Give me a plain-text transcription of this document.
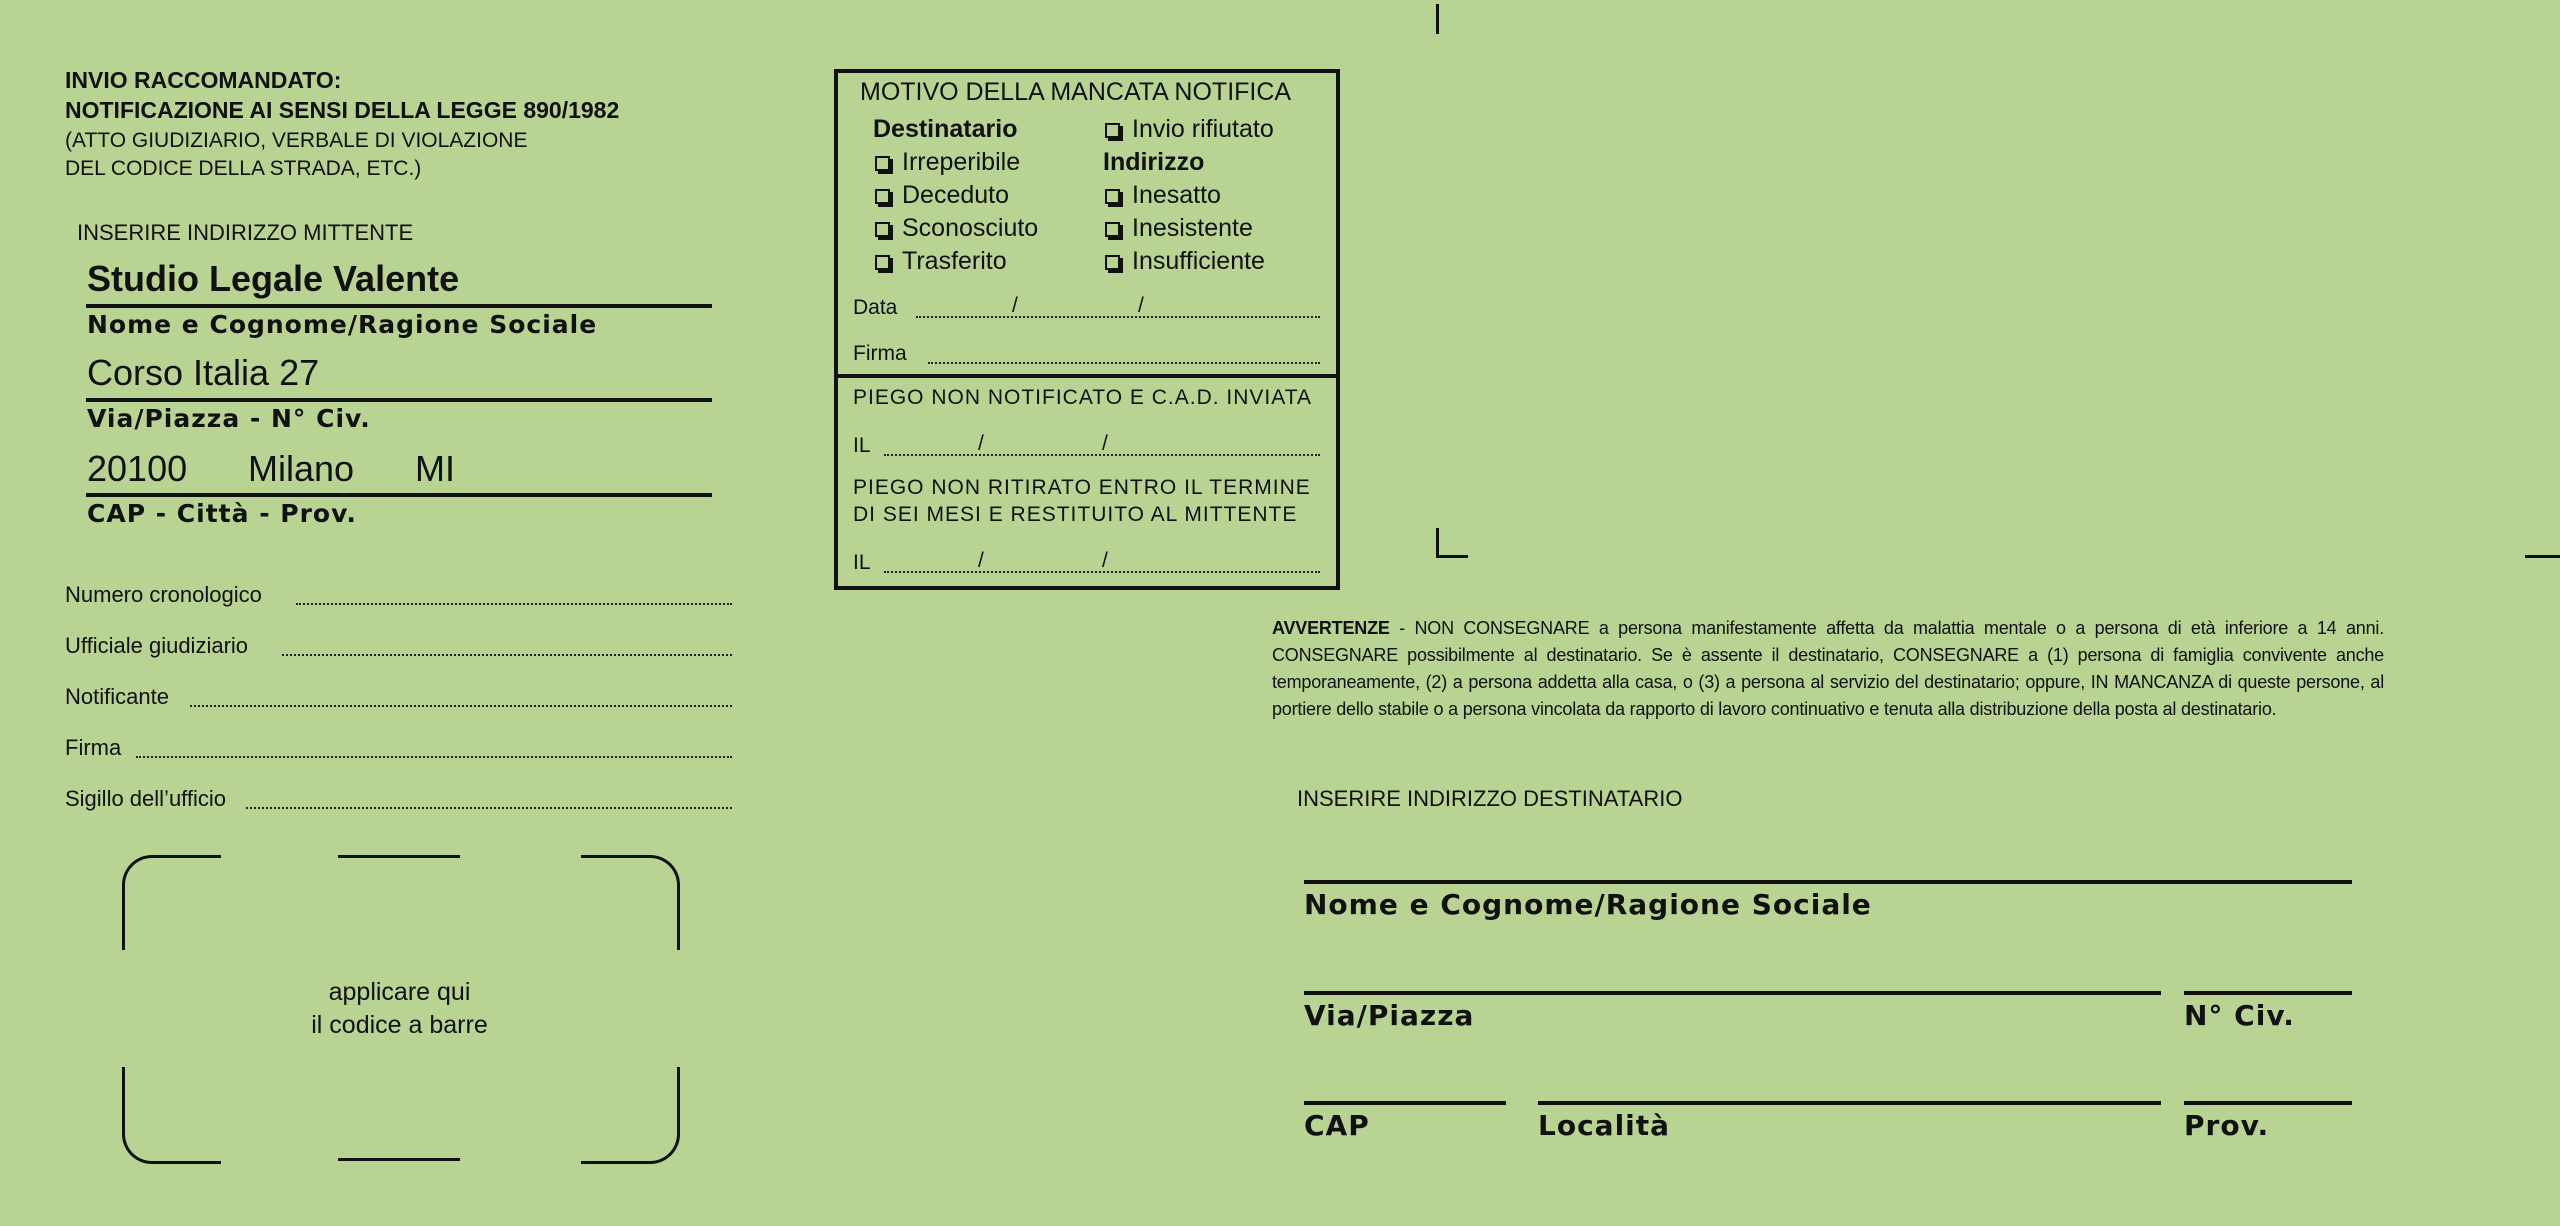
INVIO RACCOMANDATO:
NOTIFICAZIONE AI SENSI DELLA LEGGE 890/1982
(ATTO GIUDIZIARIO, VERBALE DI VIOLAZIONE
DEL CODICE DELLA STRADA, ETC.)
INSERIRE INDIRIZZO MITTENTE
Studio Legale Valente
Nome e Cognome/Ragione Sociale
Corso Italia 27
Via/Piazza - N° Civ.
20100 Milano MI
CAP - Città - Prov.
Numero cronologico
Ufficiale giudiziario
Notificante
Firma
Sigillo dell’ufficio
applicare qui
il codice a barre
MOTIVO DELLA MANCATA NOTIFICA
Destinatario
Irreperibile
Deceduto
Sconosciuto
Trasferito
Invio rifiutato
Indirizzo
Inesatto
Inesistente
Insufficiente
Data	/	/
Firma
PIEGO NON NOTIFICATO E C.A.D. INVIATA
IL	/	/
PIEGO NON RITIRATO ENTRO IL TERMINE
DI SEI MESI E RESTITUITO AL MITTENTE
IL	/	/
AVVERTENZE - NON CONSEGNARE a persona manifestamente affetta da malattia mentale o a persona di età inferiore a 14 anni. CONSEGNARE possibilmente al destinatario. Se è assente il destinatario, CONSEGNARE a (1) persona di famiglia convivente anche temporaneamente, (2) a persona addetta alla casa, o (3) a persona al servizio del destinatario; oppure, IN MANCANZA di queste persone, al portiere dello stabile o a persona vincolata da rapporto di lavoro continuativo e tenuta alla distribuzione della posta al destinatario.
INSERIRE INDIRIZZO DESTINATARIO
Nome e Cognome/Ragione Sociale
Via/Piazza	N° Civ.
CAP	Località	Prov.
